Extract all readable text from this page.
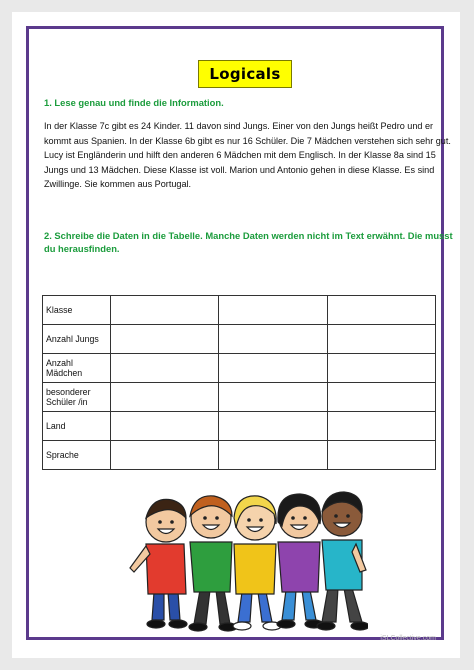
Logicals
1. Lese genau und finde die Information.
In der Klasse 7c gibt es 24 Kinder. 11 davon sind Jungs. Einer von den Jungs heißt Pedro und er kommt aus Spanien. In der Klasse 6b gibt es nur 16 Schüler. Die 7 Mädchen verstehen sich sehr gut. Lucy ist Engländerin und hilft den anderen 6 Mädchen mit dem Englisch. In der Klasse 8a sind 15 Jungs und 13 Mädchen. Diese Klasse ist voll. Marion und Antonio gehen in diese Klasse. Es sind Zwillinge. Sie kommen aus Portugal.
2. Schreibe die Daten in die Tabelle. Manche Daten werden nicht im Text erwähnt. Die musst du herausfinden.
Klasse			
Anzahl Jungs			
Anzahl Mädchen			
besonderer Schüler /in			
Land			
Sprache			
iSLCollective.com
